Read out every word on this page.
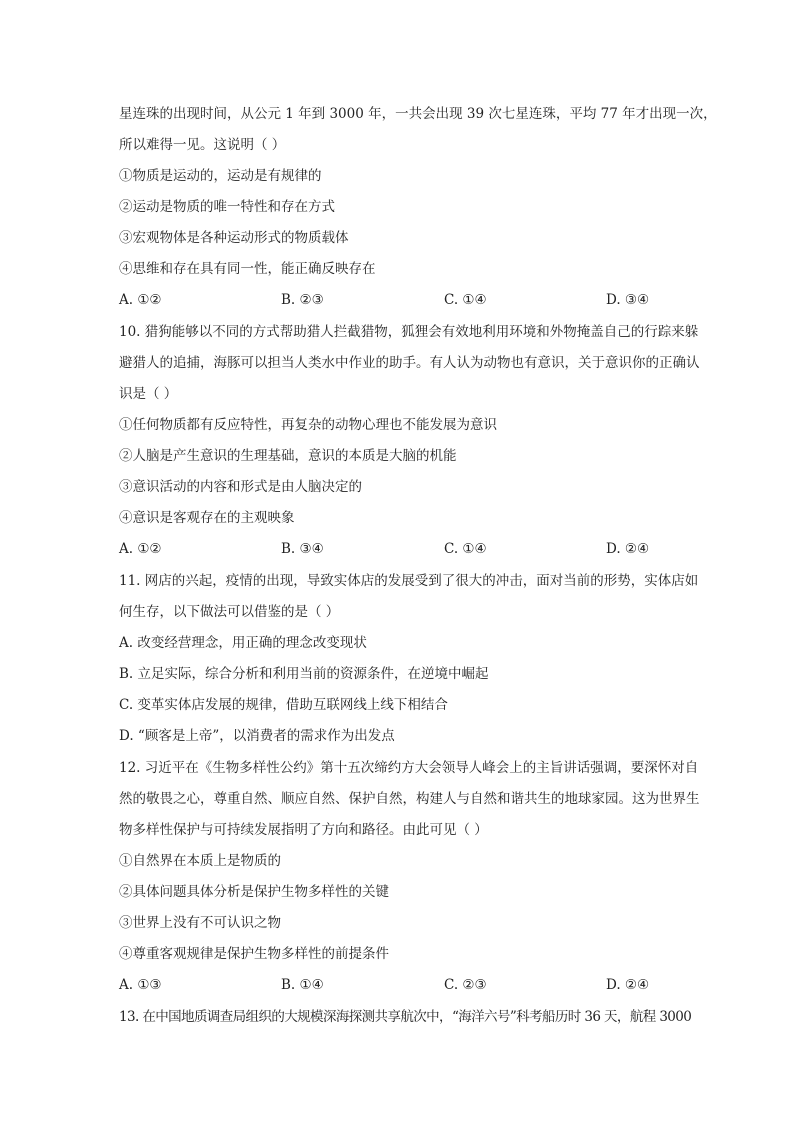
星连珠的出现时间，从公元 1 年到 3000 年，一共会出现 39 次七星连珠，平均 77 年才出现一次，
所以难得一见。这说明（ ）
①物质是运动的，运动是有规律的
②运动是物质的唯一特性和存在方式
③宏观物体是各种运动形式的物质载体
④思维和存在具有同一性，能正确反映存在
A. ①②	B. ②③	C. ①④	D. ③④
10. 猎狗能够以不同的方式帮助猎人拦截猎物，狐狸会有效地利用环境和外物掩盖自己的行踪来躲
避猎人的追捕，海豚可以担当人类水中作业的助手。有人认为动物也有意识，关于意识你的正确认
识是（ ）
①任何物质都有反应特性，再复杂的动物心理也不能发展为意识
②人脑是产生意识的生理基础，意识的本质是大脑的机能
③意识活动的内容和形式是由人脑决定的
④意识是客观存在的主观映象
A. ①②	B. ③④	C. ①④	D. ②④
11. 网店的兴起，疫情的出现，导致实体店的发展受到了很大的冲击，面对当前的形势，实体店如
何生存，以下做法可以借鉴的是（ ）
A. 改变经营理念，用正确的理念改变现状
B. 立足实际，综合分析和利用当前的资源条件，在逆境中崛起
C. 变革实体店发展的规律，借助互联网线上线下相结合
D. “顾客是上帝”，以消费者的需求作为出发点
12. 习近平在《生物多样性公约》第十五次缔约方大会领导人峰会上的主旨讲话强调，要深怀对自
然的敬畏之心，尊重自然、顺应自然、保护自然，构建人与自然和谐共生的地球家园。这为世界生
物多样性保护与可持续发展指明了方向和路径。由此可见（ ）
①自然界在本质上是物质的
②具体问题具体分析是保护生物多样性的关键
③世界上没有不可认识之物
④尊重客观规律是保护生物多样性的前提条件
A. ①③	B. ①④	C. ②③	D. ②④
13. 在中国地质调查局组织的大规模深海探测共享航次中，“海洋六号”科考船历时 36 天，航程 3000
